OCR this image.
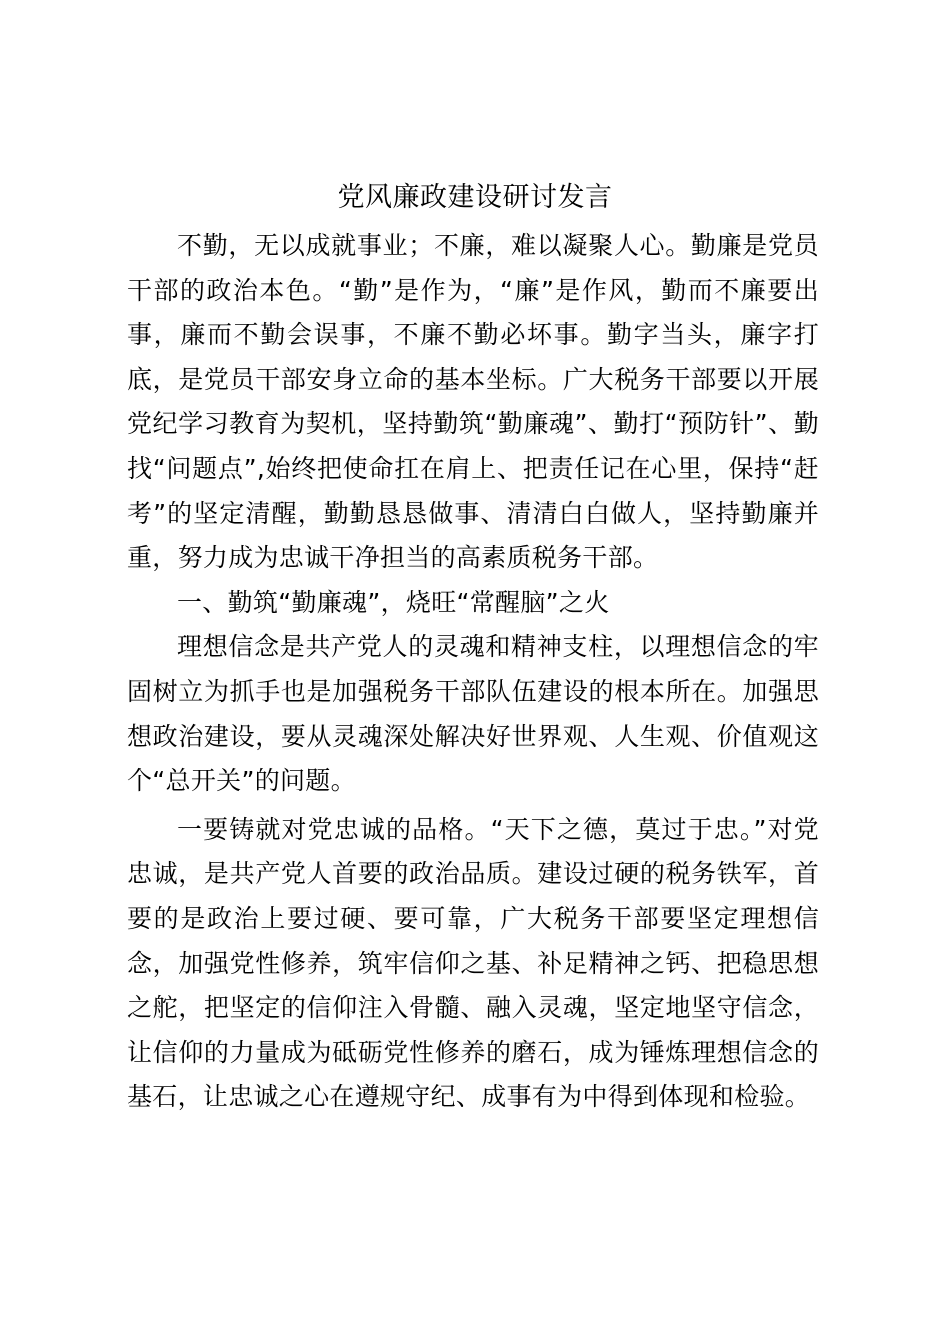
党风廉政建设研讨发言

不勤，无以成就事业；不廉，难以凝聚人心。勤廉是党员干部的政治本色。“勤”是作为，“廉”是作风，勤而不廉要出事，廉而不勤会误事，不廉不勤必坏事。勤字当头，廉字打底，是党员干部安身立命的基本坐标。广大税务干部要以开展党纪学习教育为契机，坚持勤筑“勤廉魂”、勤打“预防针”、勤找“问题点”,始终把使命扛在肩上、把责任记在心里，保持“赶考”的坚定清醒，勤勤恳恳做事、清清白白做人，坚持勤廉并重，努力成为忠诚干净担当的高素质税务干部。

一、勤筑“勤廉魂”，烧旺“常醒脑”之火

理想信念是共产党人的灵魂和精神支柱，以理想信念的牢固树立为抓手也是加强税务干部队伍建设的根本所在。加强思想政治建设，要从灵魂深处解决好世界观、人生观、价值观这个“总开关”的问题。

一要铸就对党忠诚的品格。“天下之德，莫过于忠。”对党忠诚，是共产党人首要的政治品质。建设过硬的税务铁军，首要的是政治上要过硬、要可靠，广大税务干部要坚定理想信念，加强党性修养，筑牢信仰之基、补足精神之钙、把稳思想之舵，把坚定的信仰注入骨髓、融入灵魂，坚定地坚守信念，让信仰的力量成为砥砺党性修养的磨石，成为锤炼理想信念的基石，让忠诚之心在遵规守纪、成事有为中得到体现和检验。
